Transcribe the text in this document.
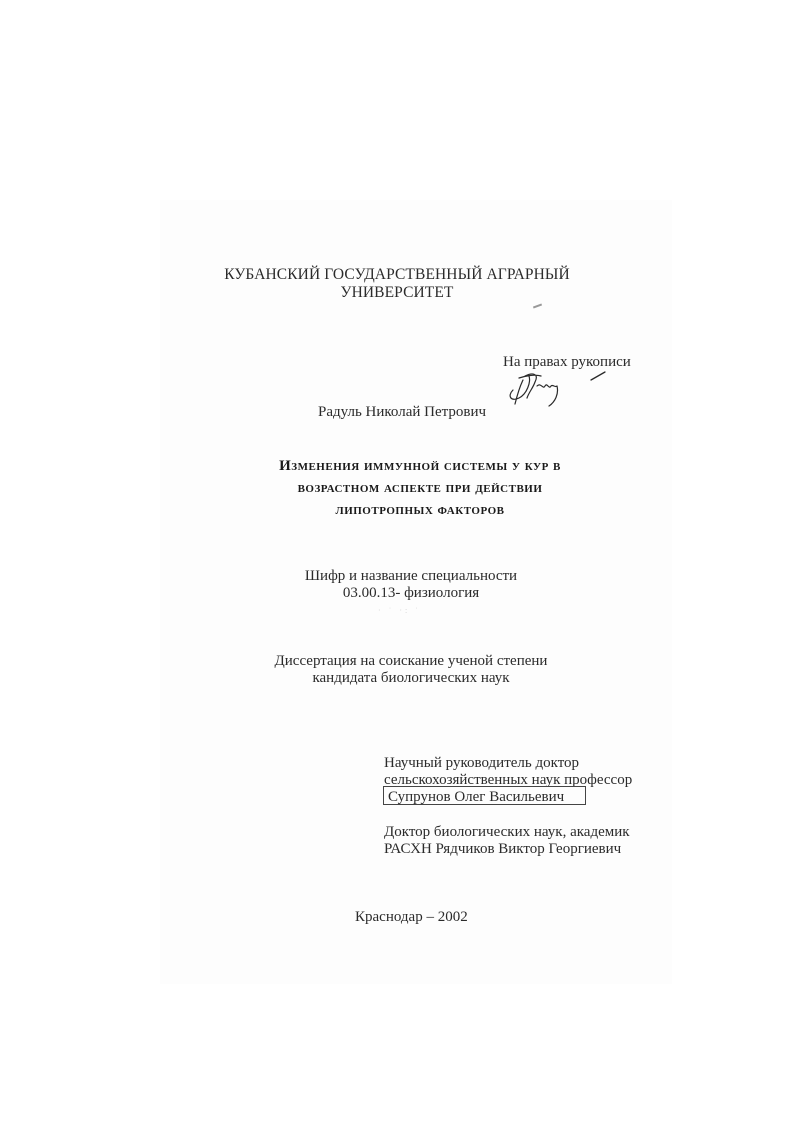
КУБАНСКИЙ ГОСУДАРСТВЕННЫЙ АГРАРНЫЙ
УНИВЕРСИТЕТ
На правах рукописи
Радуль Николай Петрович
Изменения иммунной системы у кур в
возрастном аспекте при действии
липотропных факторов
Шифр и название специальности
03.00.13- физиология
· ˙ ·: ˙
Диссертация на соискание ученой степени
кандидата биологических наук
Научный руководитель доктор
сельскохозяйственных наук профессор
Супрунов Олег Васильевич
Доктор биологических наук, академик
РАСХН Рядчиков Виктор Георгиевич
Краснодар – 2002
